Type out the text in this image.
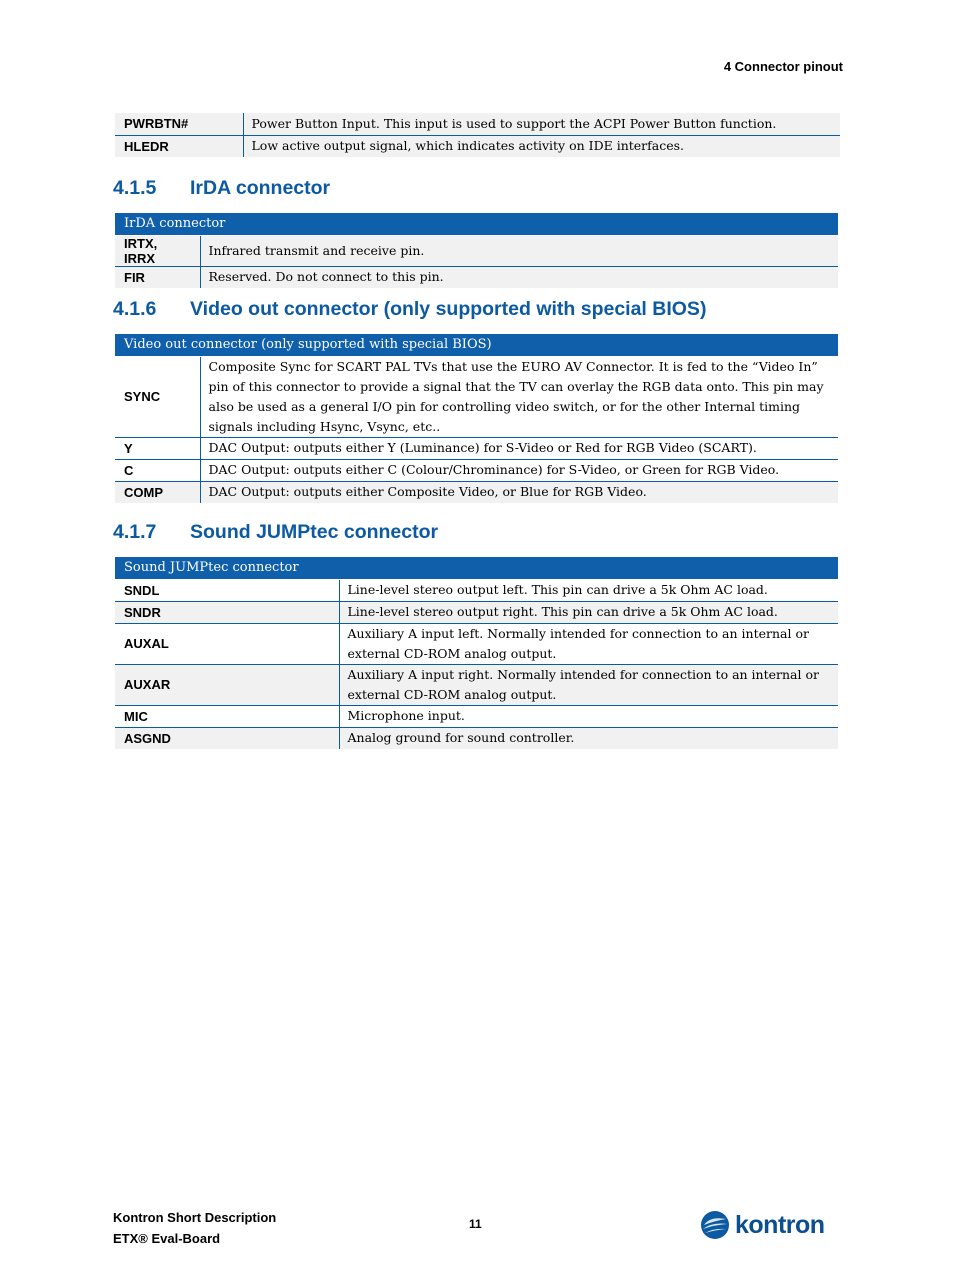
4 Connector pinout
PWRBTN#	Power Button Input. This input is used to support the ACPI Power Button function.
HLEDR	Low active output signal, which indicates activity on IDE interfaces.
4.1.5 IrDA connector
IrDA connector	
IRTX, IRRX	Infrared transmit and receive pin.
FIR	Reserved. Do not connect to this pin.
4.1.6 Video out connector (only supported with special BIOS)
Video out connector (only supported with special BIOS)	
SYNC	Composite Sync for SCART PAL TVs that use the EURO AV Connector. It is fed to the “Video In” pin of this connector to provide a signal that the TV can overlay the RGB data onto. This pin may also be used as a general I/O pin for controlling video switch, or for the other Internal timing signals including Hsync, Vsync, etc..
Y	DAC Output: outputs either Y (Luminance) for S-Video or Red for RGB Video (SCART).
C	DAC Output: outputs either C (Colour/Chrominance) for S-Video, or Green for RGB Video.
COMP	DAC Output: outputs either Composite Video, or Blue for RGB Video.
4.1.7 Sound JUMPtec connector
Sound JUMPtec connector	
SNDL	Line-level stereo output left. This pin can drive a 5k Ohm AC load.
SNDR	Line-level stereo output right. This pin can drive a 5k Ohm AC load.
AUXAL	Auxiliary A input left. Normally intended for connection to an internal or external CD-ROM analog output.
AUXAR	Auxiliary A input right. Normally intended for connection to an internal or external CD-ROM analog output.
MIC	Microphone input.
ASGND	Analog ground for sound controller.
Kontron Short Description
ETX® Eval-Board
11	kontron
